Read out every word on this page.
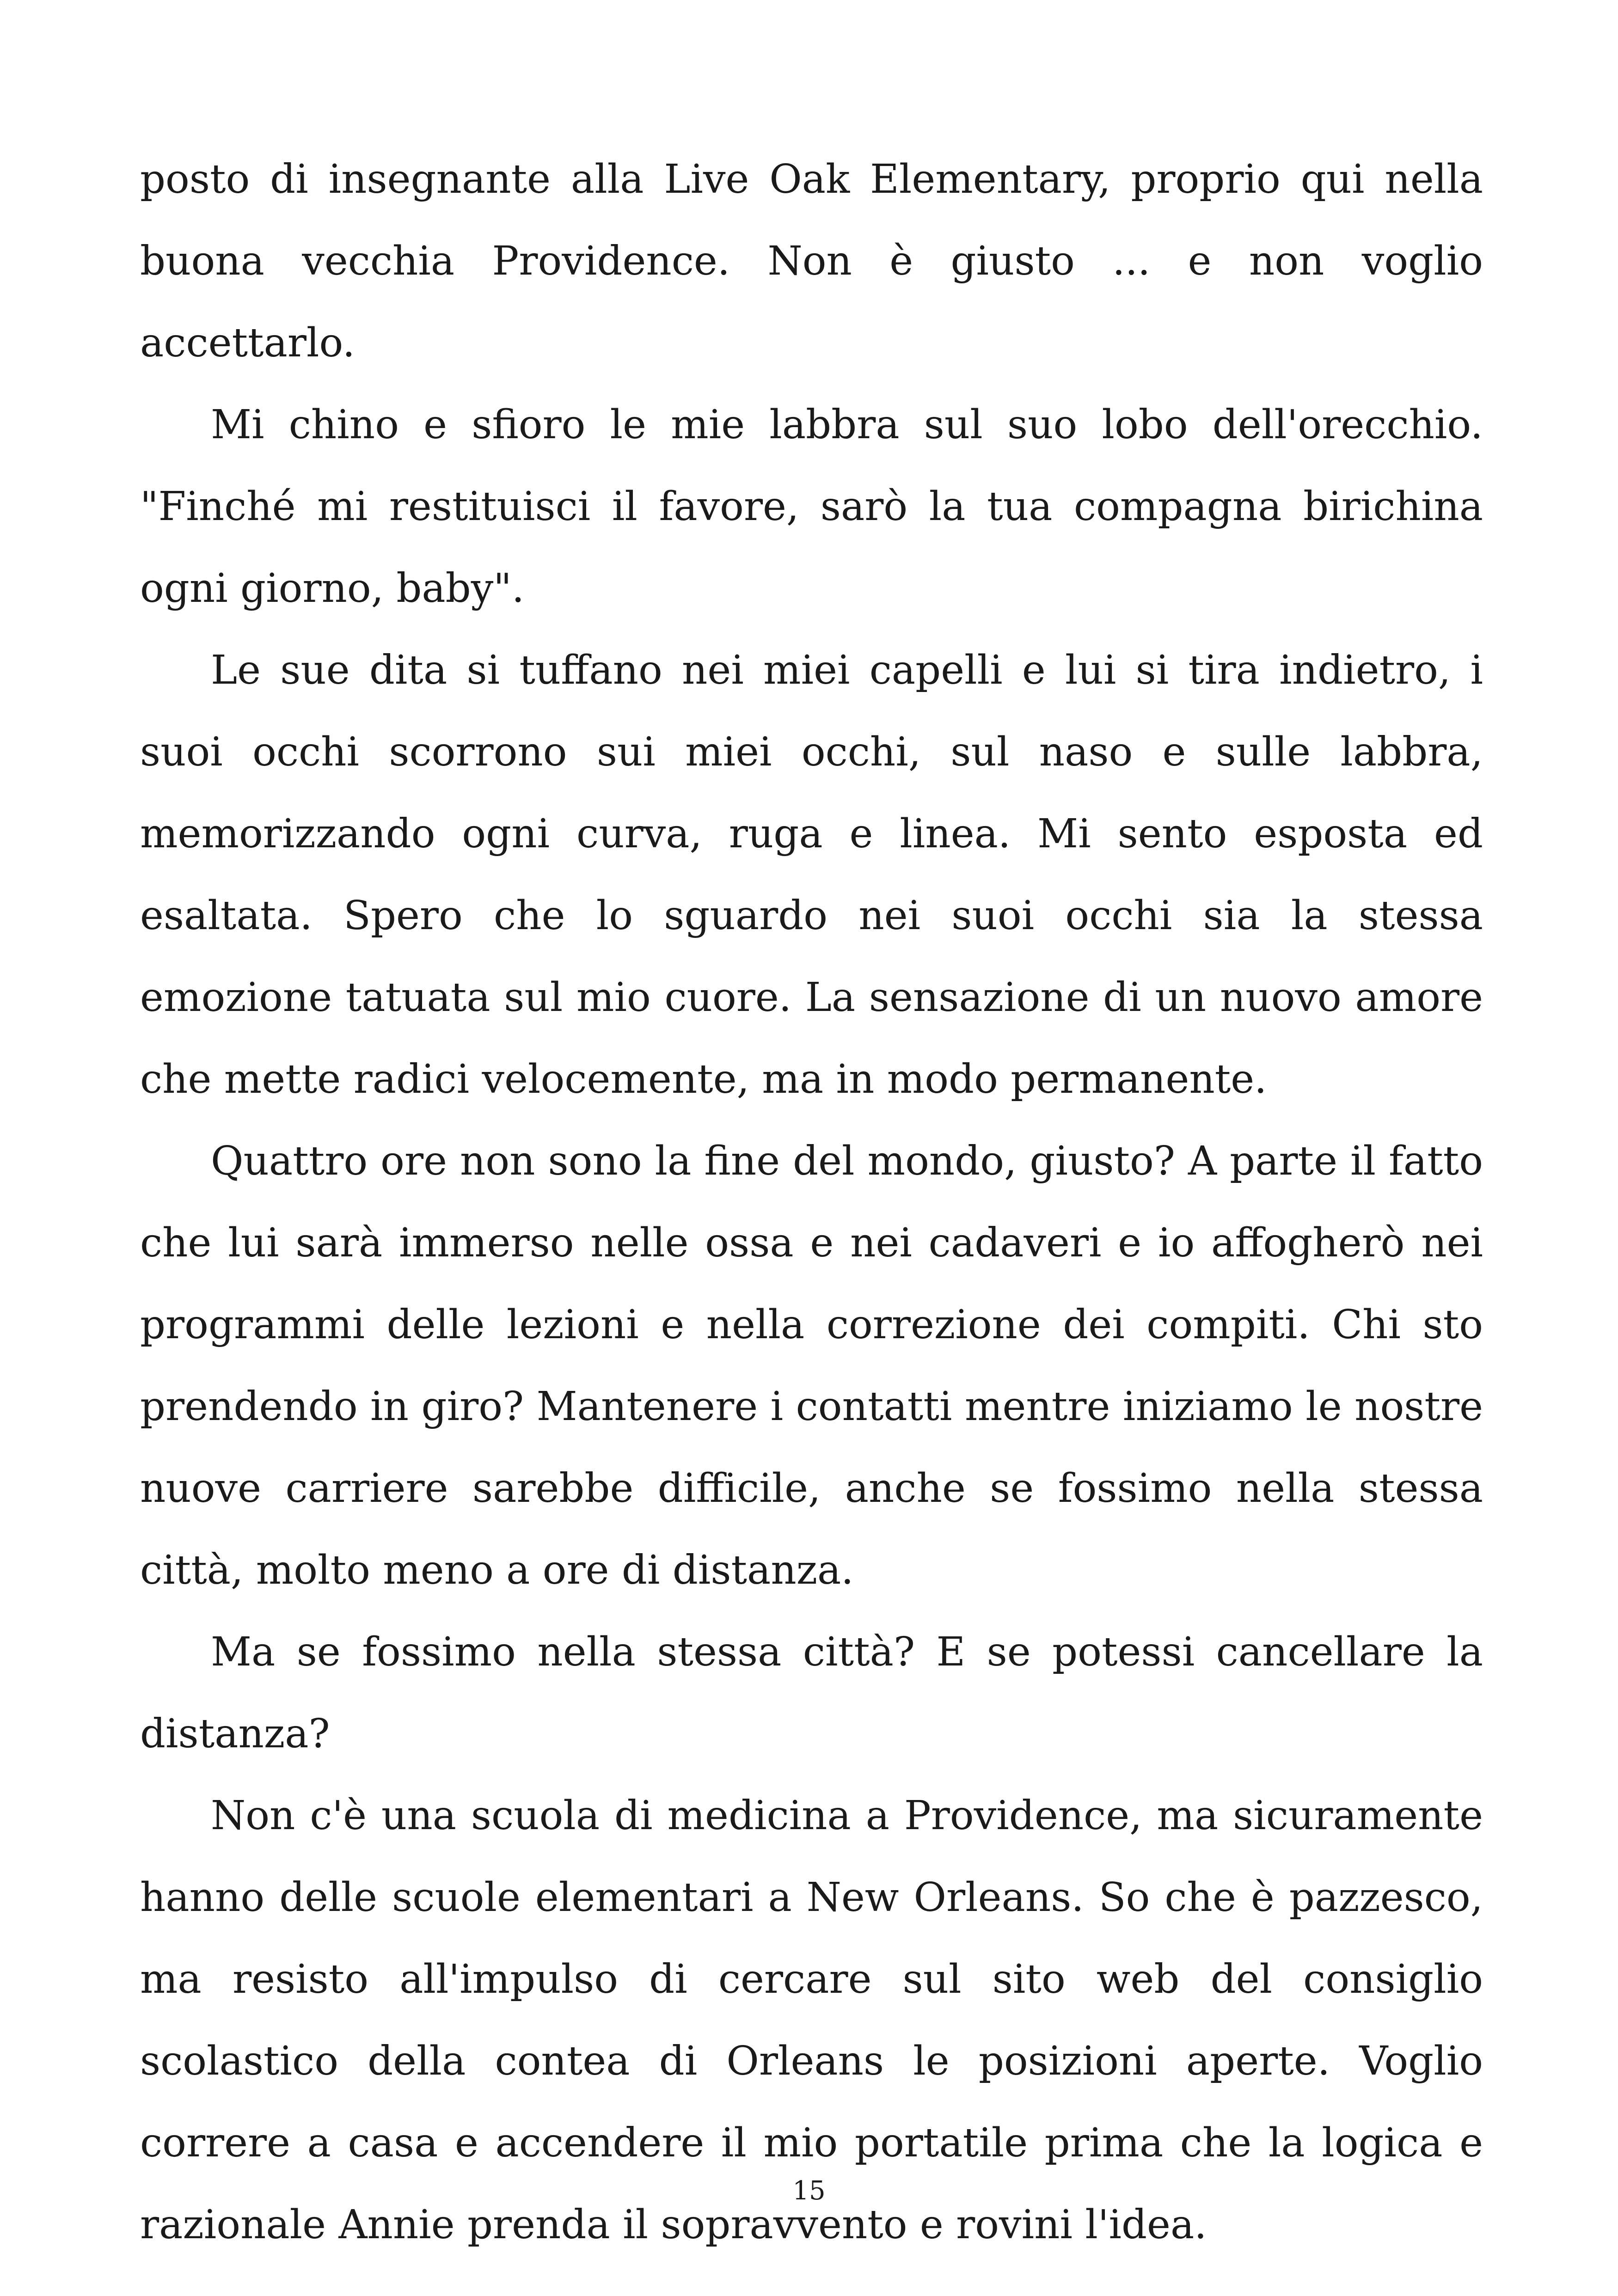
posto di insegnante alla Live Oak Elementary, proprio qui nella buona vecchia Providence. Non è giusto ... e non voglio accettarlo.

Mi chino e sfioro le mie labbra sul suo lobo dell'orecchio. "Finché mi restituisci il favore, sarò la tua compagna birichina ogni giorno, baby".

Le sue dita si tuffano nei miei capelli e lui si tira indietro, i suoi occhi scorrono sui miei occhi, sul naso e sulle labbra, memorizzando ogni curva, ruga e linea. Mi sento esposta ed esaltata. Spero che lo sguardo nei suoi occhi sia la stessa emozione tatuata sul mio cuore. La sensazione di un nuovo amore che mette radici velocemente, ma in modo permanente.

Quattro ore non sono la fine del mondo, giusto? A parte il fatto che lui sarà immerso nelle ossa e nei cadaveri e io affogherò nei programmi delle lezioni e nella correzione dei compiti. Chi sto prendendo in giro? Mantenere i contatti mentre iniziamo le nostre nuove carriere sarebbe difficile, anche se fossimo nella stessa città, molto meno a ore di distanza.

Ma se fossimo nella stessa città? E se potessi cancellare la distanza?

Non c'è una scuola di medicina a Providence, ma sicuramente hanno delle scuole elementari a New Orleans. So che è pazzesco, ma resisto all'impulso di cercare sul sito web del consiglio scolastico della contea di Orleans le posizioni aperte. Voglio correre a casa e accendere il mio portatile prima che la logica e razionale Annie prenda il sopravvento e rovini l'idea.

15
